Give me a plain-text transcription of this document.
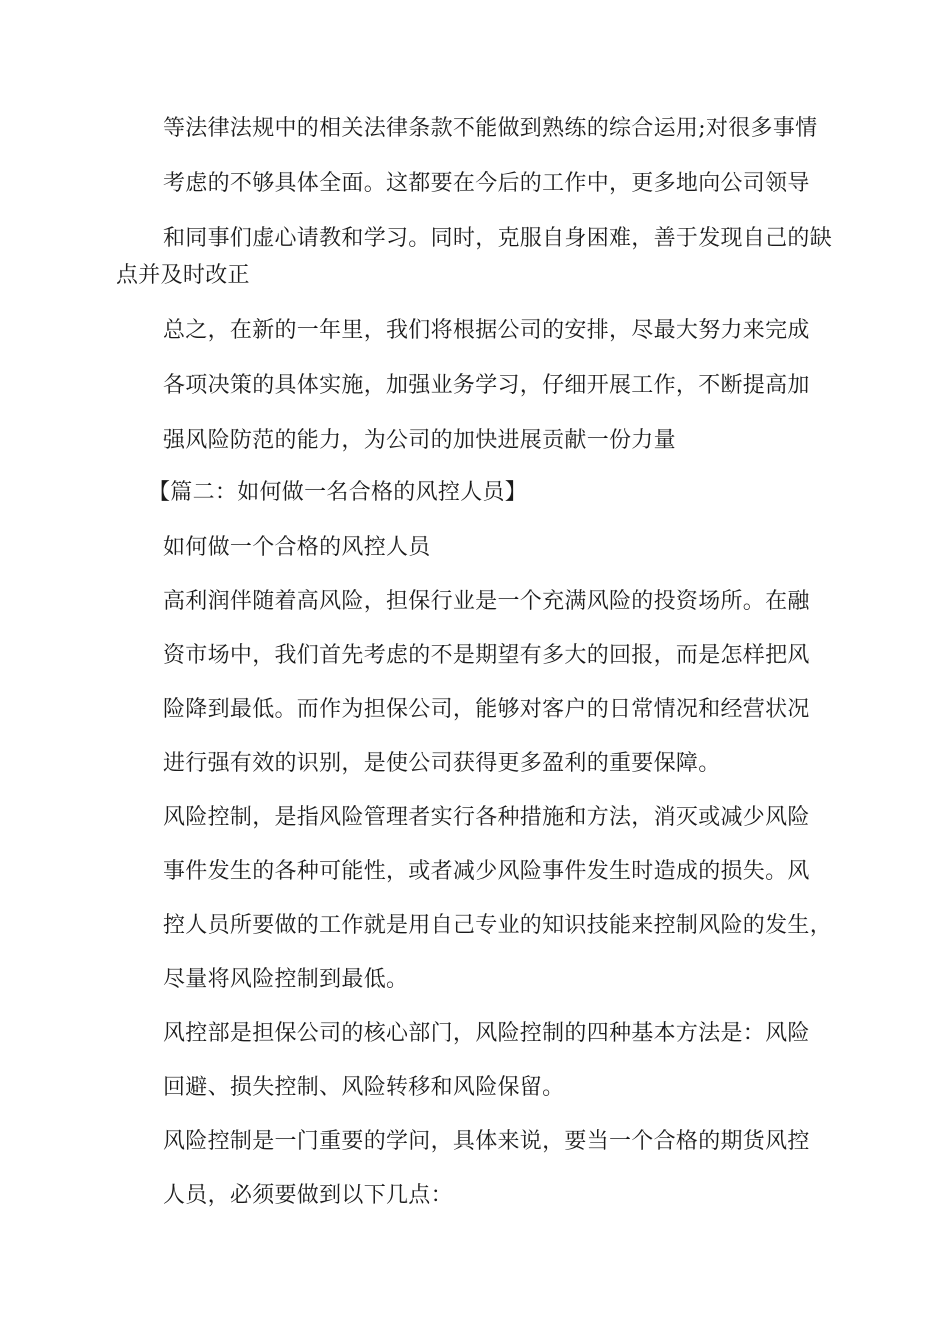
等法律法规中的相关法律条款不能做到熟练的综合运用;对很多事情
考虑的不够具体全面。这都要在今后的工作中，更多地向公司领导
和同事们虚心请教和学习。同时，克服自身困难，善于发现自己的缺
点并及时改正
总之，在新的一年里，我们将根据公司的安排，尽最大努力来完成
各项决策的具体实施，加强业务学习，仔细开展工作，不断提高加
强风险防范的能力，为公司的加快进展贡献一份力量
【篇二：如何做一名合格的风控人员】
如何做一个合格的风控人员
高利润伴随着高风险，担保行业是一个充满风险的投资场所。在融
资市场中，我们首先考虑的不是期望有多大的回报，而是怎样把风
险降到最低。而作为担保公司，能够对客户的日常情况和经营状况
进行强有效的识别，是使公司获得更多盈利的重要保障。
风险控制，是指风险管理者实行各种措施和方法，消灭或减少风险
事件发生的各种可能性，或者减少风险事件发生时造成的损失。风
控人员所要做的工作就是用自己专业的知识技能来控制风险的发生，
尽量将风险控制到最低。
风控部是担保公司的核心部门，风险控制的四种基本方法是：风险
回避、损失控制、风险转移和风险保留。
风险控制是一门重要的学问，具体来说，要当一个合格的期货风控
人员，必须要做到以下几点：
